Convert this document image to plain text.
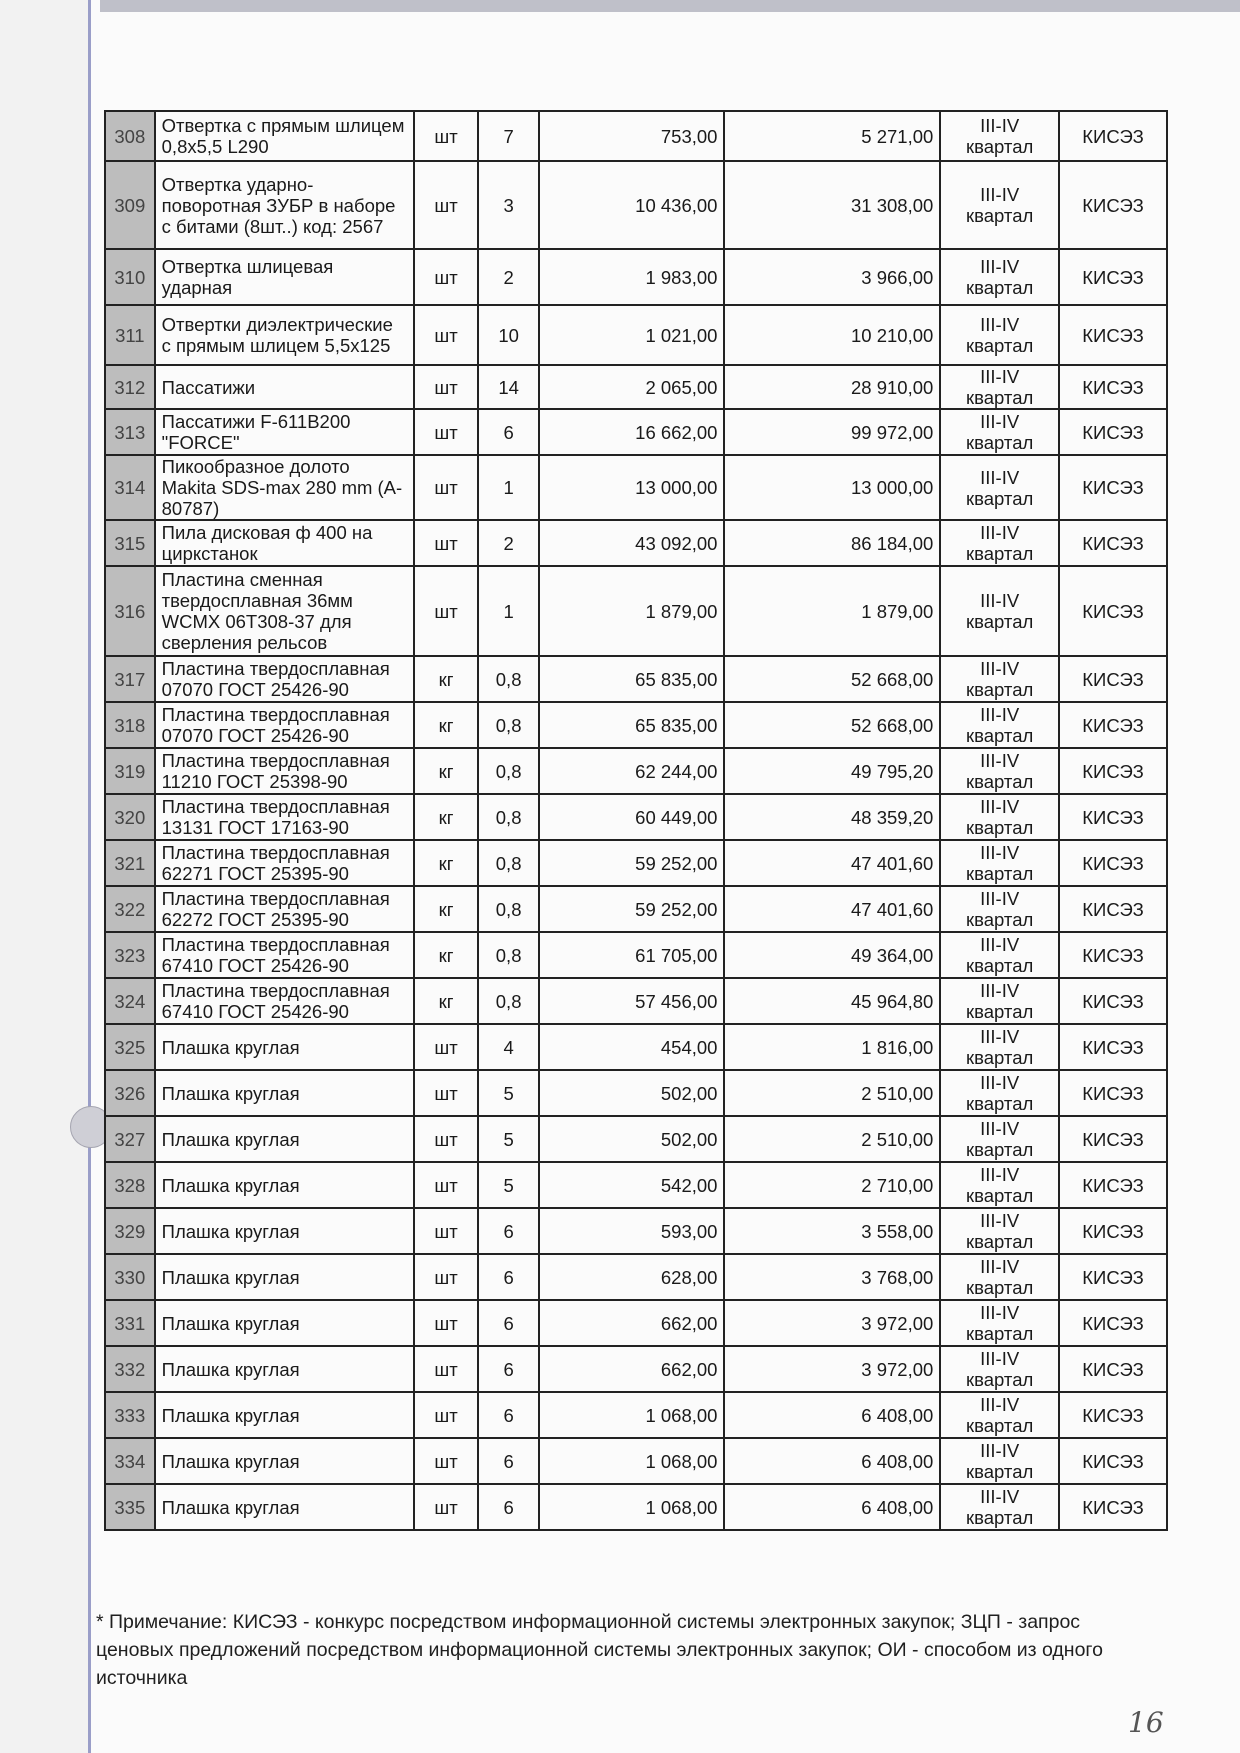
308	Отвертка с прямым шлицем 0,8х5,5 L290	шт	7	753,00	5 271,00	III-IV квартал	КИСЭЗ
309	Отвертка ударно-поворотная ЗУБР в наборе с битами (8шт..) код: 2567	шт	3	10 436,00	31 308,00	III-IV квартал	КИСЭЗ
310	Отвертка шлицевая ударная	шт	2	1 983,00	3 966,00	III-IV квартал	КИСЭЗ
311	Отвертки диэлектрические с прямым шлицем 5,5х125	шт	10	1 021,00	10 210,00	III-IV квартал	КИСЭЗ
312	Пассатижи	шт	14	2 065,00	28 910,00	III-IV квартал	КИСЭЗ
313	Пассатижи F-611B200 "FORCE"	шт	6	16 662,00	99 972,00	III-IV квартал	КИСЭЗ
314	Пикообразное долото Makita SDS-max 280 mm (A-80787)	шт	1	13 000,00	13 000,00	III-IV квартал	КИСЭЗ
315	Пила дисковая ф 400 на циркстанок	шт	2	43 092,00	86 184,00	III-IV квартал	КИСЭЗ
316	Пластина сменная твердосплавная 36мм WCMX 06T308-37 для сверления рельсов	шт	1	1 879,00	1 879,00	III-IV квартал	КИСЭЗ
317	Пластина твердосплавная 07070 ГОСТ 25426-90	кг	0,8	65 835,00	52 668,00	III-IV квартал	КИСЭЗ
318	Пластина твердосплавная 07070 ГОСТ 25426-90	кг	0,8	65 835,00	52 668,00	III-IV квартал	КИСЭЗ
319	Пластина твердосплавная 11210 ГОСТ 25398-90	кг	0,8	62 244,00	49 795,20	III-IV квартал	КИСЭЗ
320	Пластина твердосплавная 13131 ГОСТ 17163-90	кг	0,8	60 449,00	48 359,20	III-IV квартал	КИСЭЗ
321	Пластина твердосплавная 62271 ГОСТ 25395-90	кг	0,8	59 252,00	47 401,60	III-IV квартал	КИСЭЗ
322	Пластина твердосплавная 62272 ГОСТ 25395-90	кг	0,8	59 252,00	47 401,60	III-IV квартал	КИСЭЗ
323	Пластина твердосплавная 67410 ГОСТ 25426-90	кг	0,8	61 705,00	49 364,00	III-IV квартал	КИСЭЗ
324	Пластина твердосплавная 67410 ГОСТ 25426-90	кг	0,8	57 456,00	45 964,80	III-IV квартал	КИСЭЗ
325	Плашка круглая	шт	4	454,00	1 816,00	III-IV квартал	КИСЭЗ
326	Плашка круглая	шт	5	502,00	2 510,00	III-IV квартал	КИСЭЗ
327	Плашка круглая	шт	5	502,00	2 510,00	III-IV квартал	КИСЭЗ
328	Плашка круглая	шт	5	542,00	2 710,00	III-IV квартал	КИСЭЗ
329	Плашка круглая	шт	6	593,00	3 558,00	III-IV квартал	КИСЭЗ
330	Плашка круглая	шт	6	628,00	3 768,00	III-IV квартал	КИСЭЗ
331	Плашка круглая	шт	6	662,00	3 972,00	III-IV квартал	КИСЭЗ
332	Плашка круглая	шт	6	662,00	3 972,00	III-IV квартал	КИСЭЗ
333	Плашка круглая	шт	6	1 068,00	6 408,00	III-IV квартал	КИСЭЗ
334	Плашка круглая	шт	6	1 068,00	6 408,00	III-IV квартал	КИСЭЗ
335	Плашка круглая	шт	6	1 068,00	6 408,00	III-IV квартал	КИСЭЗ
* Примечание: КИСЭЗ - конкурс посредством информационной системы электронных закупок; ЗЦП - запрос ценовых предложений посредством информационной системы электронных закупок; ОИ - способом из одного источника
16
